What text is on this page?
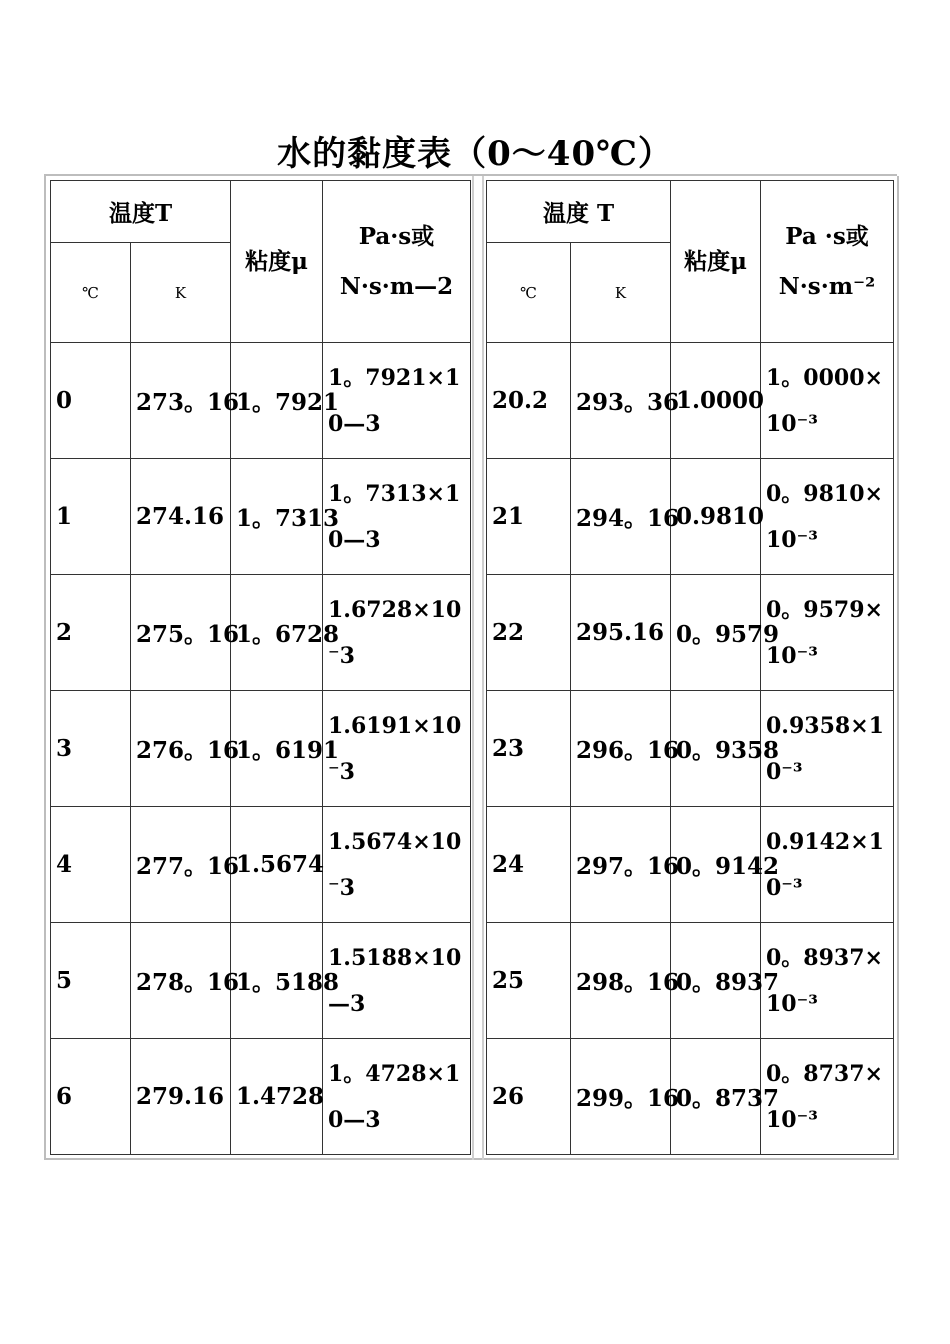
水的黏度表（0～40℃）
温度T		粘度μ	Pa·s或N·s·m—2
℃	K		
0	273。16	1。7921	1。7921×10—3
1	274.16	1。7313	1。7313×10—3
2	275。16	1。6728	1.6728×10⁻3
3	276。16	1。6191	1.6191×10⁻3
4	277。16	1.5674	1.5674×10⁻3
5	278。16	1。5188	1.5188×10—3
6	279.16	1.4728	1。4728×10—3
温度 T		粘度μ	Pa ·s或N·s·m⁻²
℃	K		
20.2	293。36	1.0000	1。0000×10⁻³
21	294。16	0.9810	0。9810×10⁻³
22	295.16	0。9579	0。9579×10⁻³
23	296。16	0。9358	0.9358×10⁻³
24	297。16	0。9142	0.9142×10⁻³
25	298。16	0。8937	0。8937×10⁻³
26	299。16	0。8737	0。8737×10⁻³
